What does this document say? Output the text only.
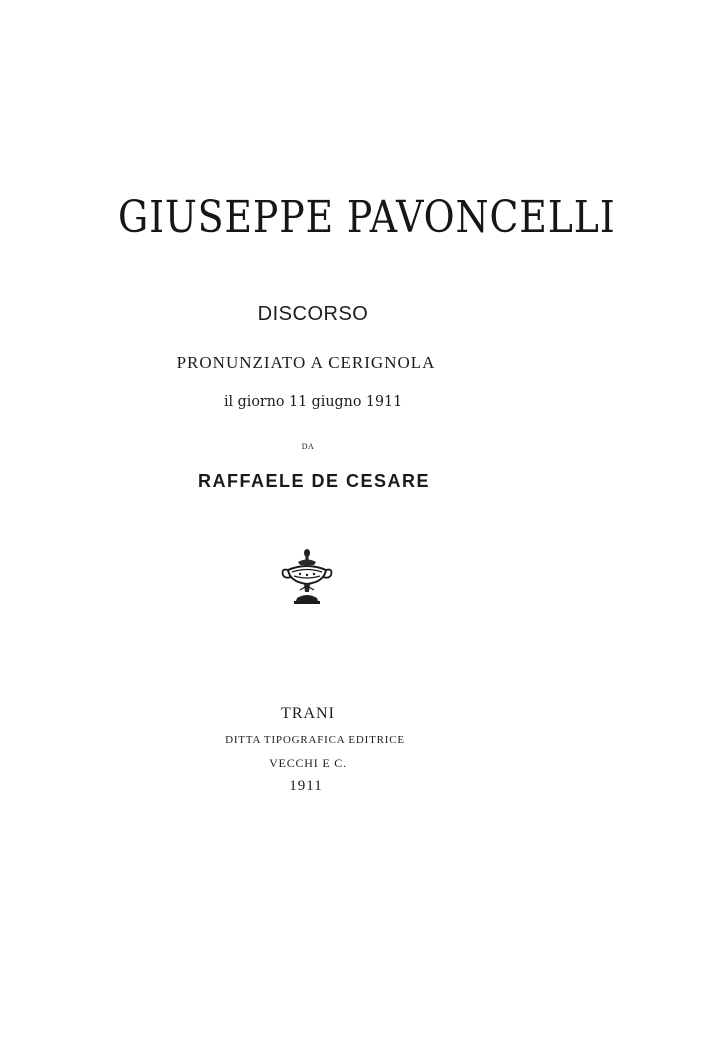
GIUSEPPE PAVONCELLI
DISCORSO
PRONUNZIATO A CERIGNOLA
il giorno 11 giugno 1911
DA
RAFFAELE DE CESARE
TRANI
DITTA TIPOGRAFICA EDITRICE
VECCHI E C.
1911
